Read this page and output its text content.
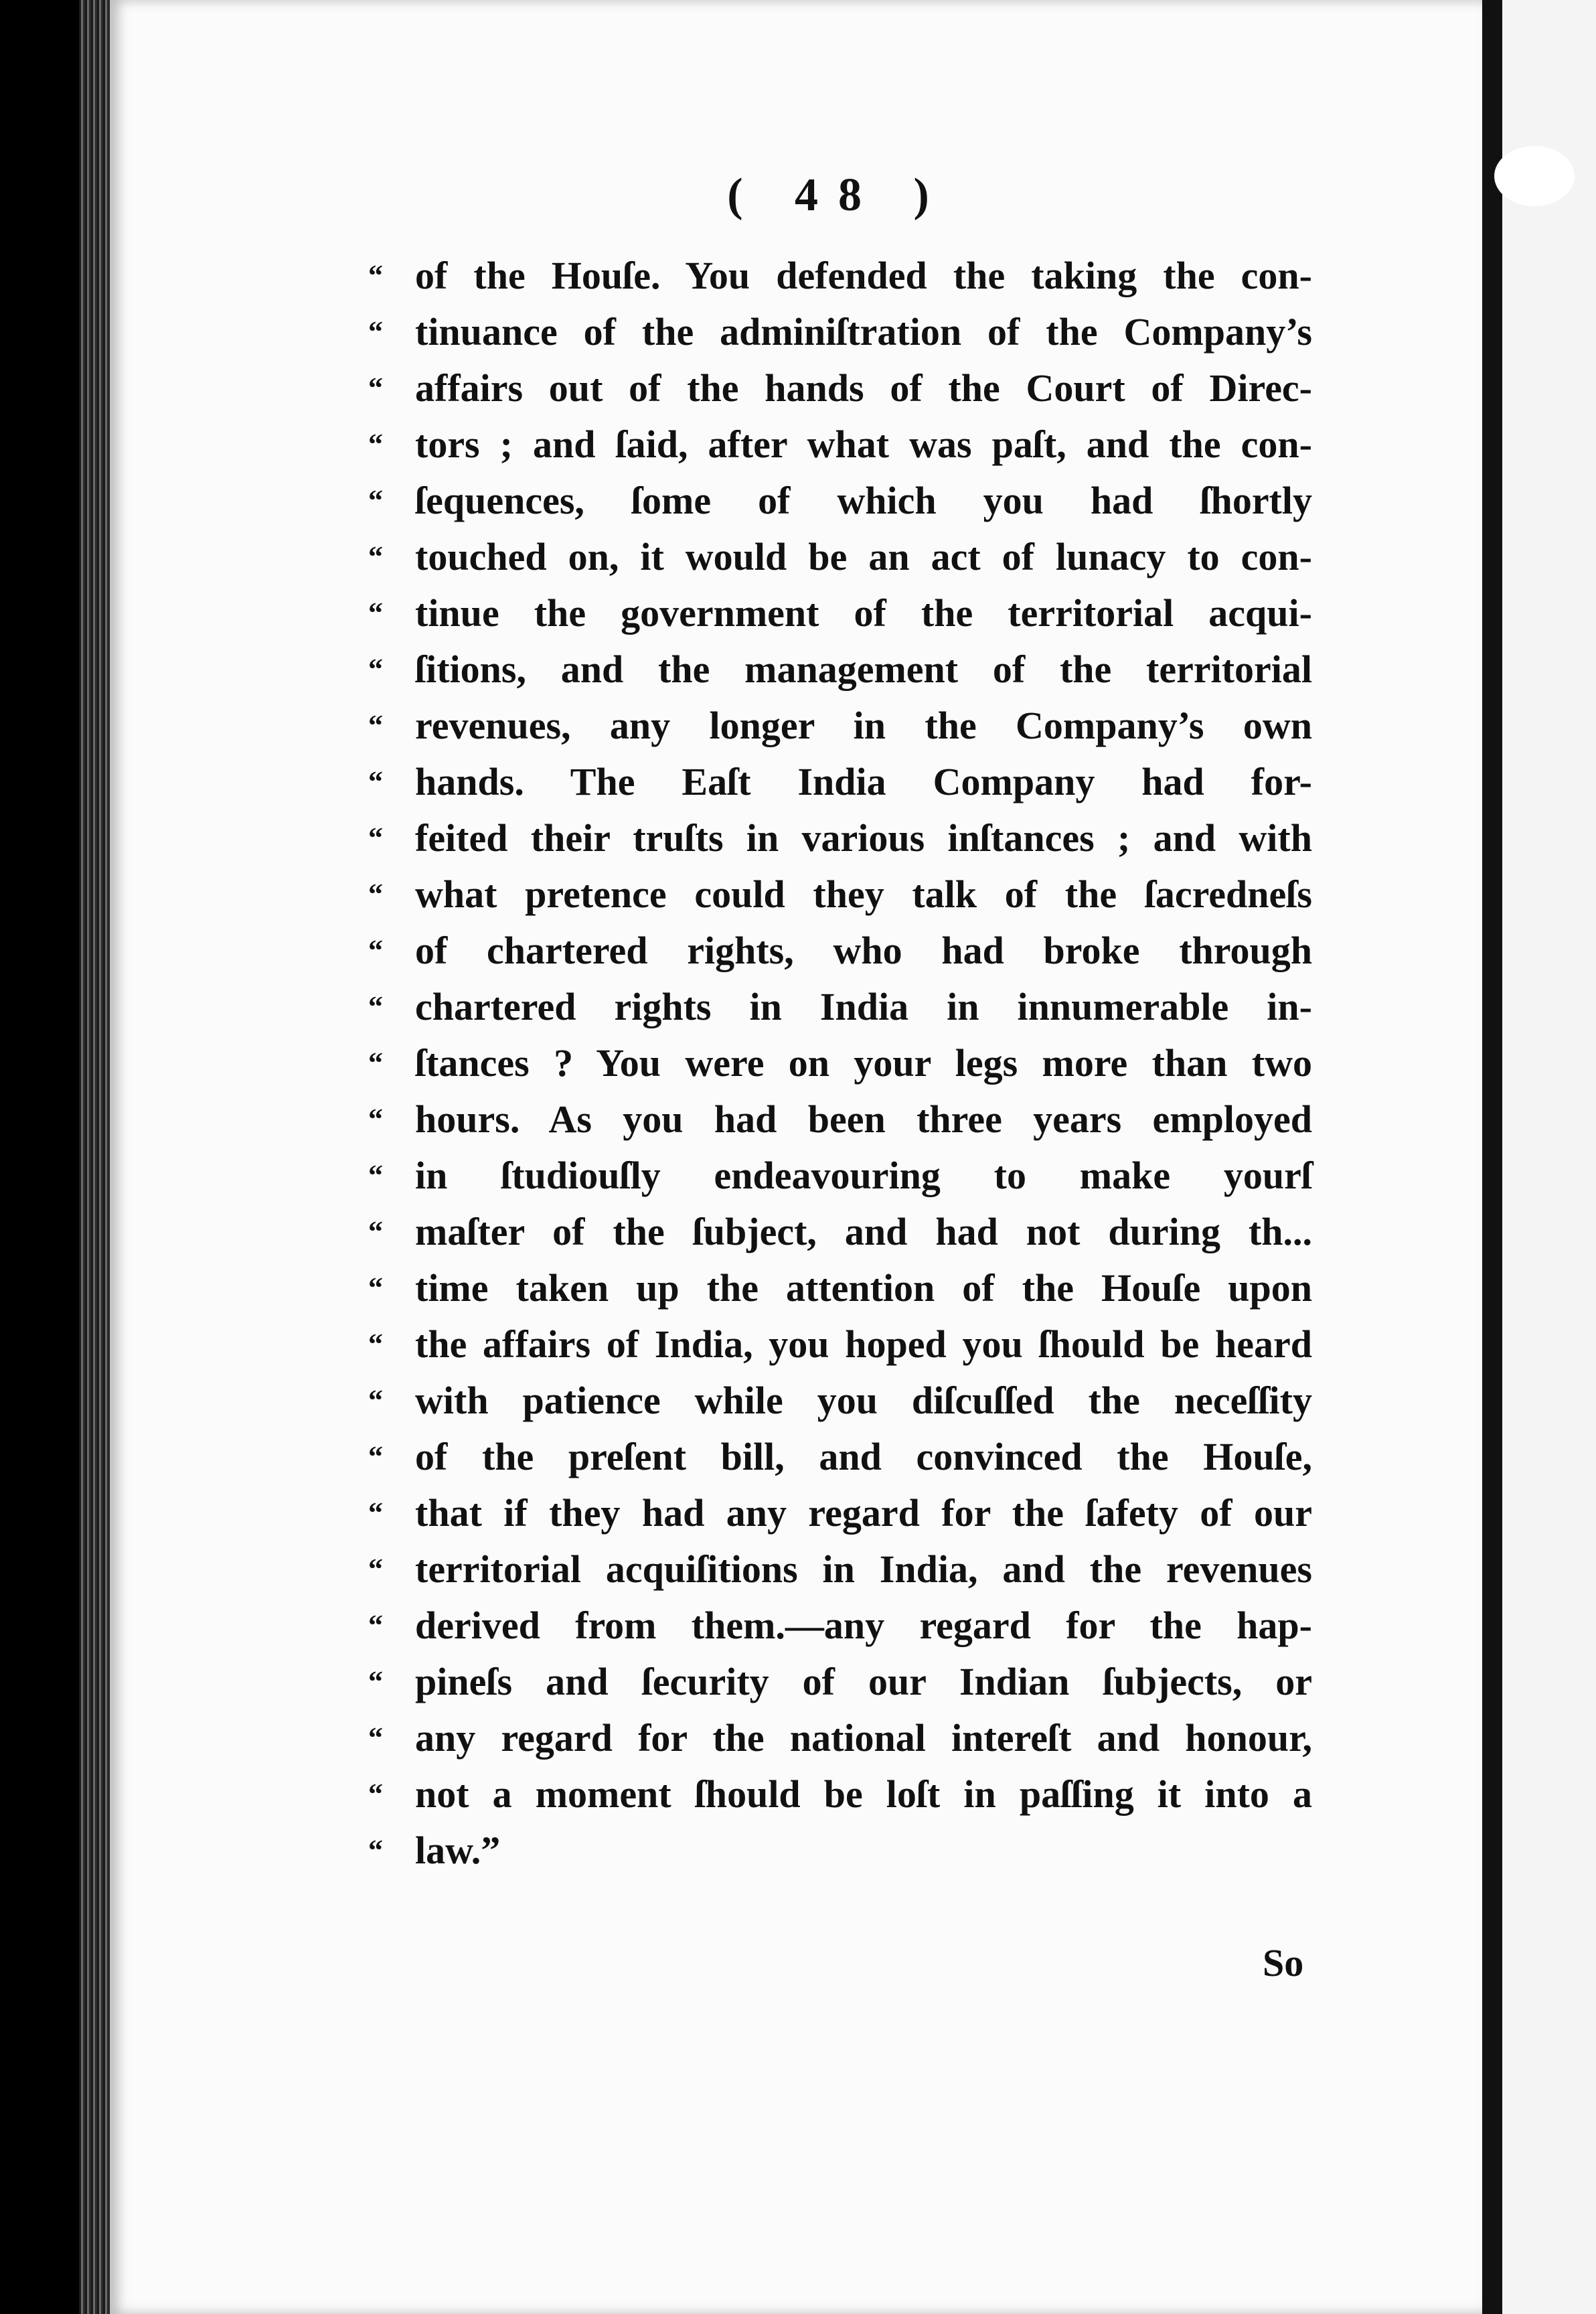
( 48 )
“ of the Houſe. You defended the taking the con-
“ tinuance of the adminiſtration of the Company’s
“ affairs out of the hands of the Court of Direc-
“ tors ; and ſaid, after what was paſt, and the con-
“ ſequences, ſome of which you had ſhortly
“ touched on, it would be an act of lunacy to con-
“ tinue the government of the territorial acqui-
“ ſitions, and the management of the territorial
“ revenues, any longer in the Company’s own
“ hands. The Eaſt India Company had for-
“ feited their truſts in various inſtances ; and with
“ what pretence could they talk of the ſacredneſs
“ of chartered rights, who had broke through
“ chartered rights in India in innumerable in-
“ ſtances ? You were on your legs more than two
“ hours. As you had been three years employed
“ in ſtudiouſly endeavouring to make yourſ
“ maſter of the ſubject, and had not during th...
“ time taken up the attention of the Houſe upon
“ the affairs of India, you hoped you ſhould be heard
“ with patience while you diſcuſſed the neceſſity
“ of the preſent bill, and convinced the Houſe,
“ that if they had any regard for the ſafety of our
“ territorial acquiſitions in India, and the revenues
“ derived from them.—any regard for the hap-
“ pineſs and ſecurity of our Indian ſubjects, or
“ any regard for the national intereſt and honour,
“ not a moment ſhould be loſt in paſſing it into a
“ law.”
So
